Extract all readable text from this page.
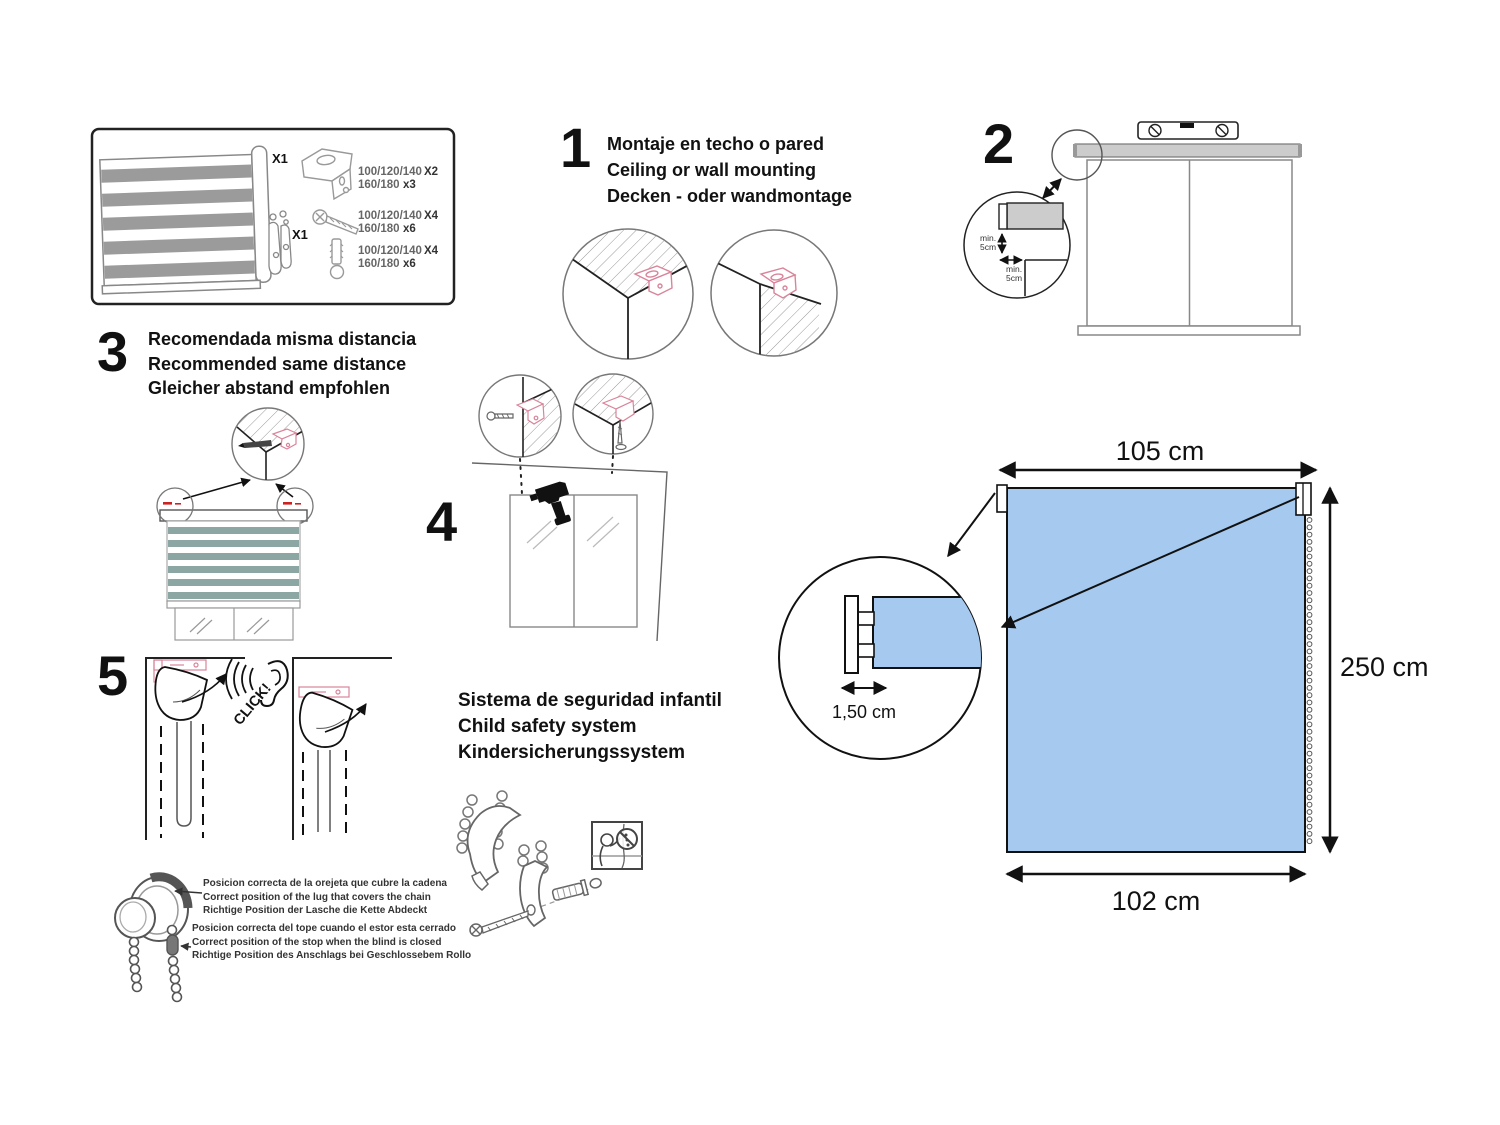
X1
X1
100/120/140 X2
160/180 x3
100/120/140 X4
160/180 x6
100/120/140 X4
160/180 x6
1 Montaje en techo o pared
Ceiling or wall mounting
Decken - oder wandmontage
2
min.
5cm
min.
5cm
3 Recomendada misma distancia
Recommended same distance
Gleicher abstand empfohlen
4
5	CLICK!
Posicion correcta de la orejeta que cubre la cadena
Correct position of the lug that covers the chain
Richtige Position der Lasche die Kette Abdeckt
Posicion correcta del tope cuando el estor esta cerrado
Correct position of the stop when the blind is closed
Richtige Position des Anschlags bei Geschlossebem Rollo
Sistema de seguridad infantil
Child safety system
Kindersicherungssystem
105 cm
250 cm
102 cm
1,50 cm
